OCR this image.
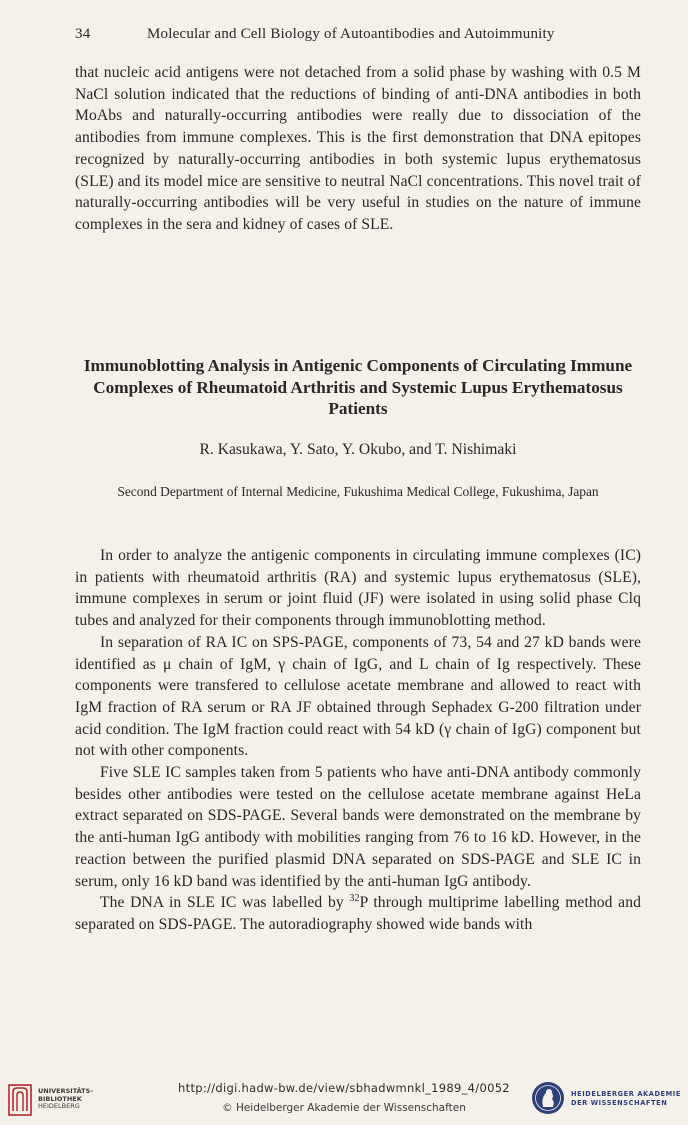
34	Molecular and Cell Biology of Autoantibodies and Autoimmunity

that nucleic acid antigens were not detached from a solid phase by washing with 0.5 M NaCl solution indicated that the reductions of binding of anti-DNA antibodies in both MoAbs and naturally-occurring antibodies were really due to dissociation of the antibodies from immune complexes. This is the first demonstration that DNA epitopes recognized by naturally-occurring antibodies in both systemic lupus erythematosus (SLE) and its model mice are sensitive to neutral NaCl concentrations. This novel trait of naturally-occurring antibodies will be very useful in studies on the nature of immune complexes in the sera and kidney of cases of SLE.

Immunoblotting Analysis in Antigenic Components of Circulating Immune Complexes of Rheumatoid Arthritis and Systemic Lupus Erythematosus Patients
R. Kasukawa, Y. Sato, Y. Okubo, and T. Nishimaki
Second Department of Internal Medicine, Fukushima Medical College, Fukushima, Japan

In order to analyze the antigenic components in circulating immune complexes (IC) in patients with rheumatoid arthritis (RA) and systemic lupus erythematosus (SLE), immune complexes in serum or joint fluid (JF) were isolated in using solid phase Clq tubes and analyzed for their components through immunoblotting method.

In separation of RA IC on SPS-PAGE, components of 73, 54 and 27 kD bands were identified as μ chain of IgM, γ chain of IgG, and L chain of Ig respectively. These components were transfered to cellulose acetate membrane and allowed to react with IgM fraction of RA serum or RA JF obtained through Sephadex G-200 filtration under acid condition. The IgM fraction could react with 54 kD (γ chain of IgG) component but not with other components.

Five SLE IC samples taken from 5 patients who have anti-DNA antibody commonly besides other antibodies were tested on the cellulose acetate membrane against HeLa extract separated on SDS-PAGE. Several bands were demonstrated on the membrane by the anti-human IgG antibody with mobilities ranging from 76 to 16 kD. However, in the reaction between the purified plasmid DNA separated on SDS-PAGE and SLE IC in serum, only 16 kD band was identified by the anti-human IgG antibody.

The DNA in SLE IC was labelled by $^{32}$P through multiprime labelling method and separated on SDS-PAGE. The autoradiography showed wide bands with

UNIVERSITÄTS-
BIBLIOTHEK
HEIDELBERG
http://digi.hadw-bw.de/view/sbhadwmnkl_1989_4/0052
© Heidelberger Akademie der Wissenschaften
HEIDELBERGER AKADEMIE
DER WISSENSCHAFTEN
